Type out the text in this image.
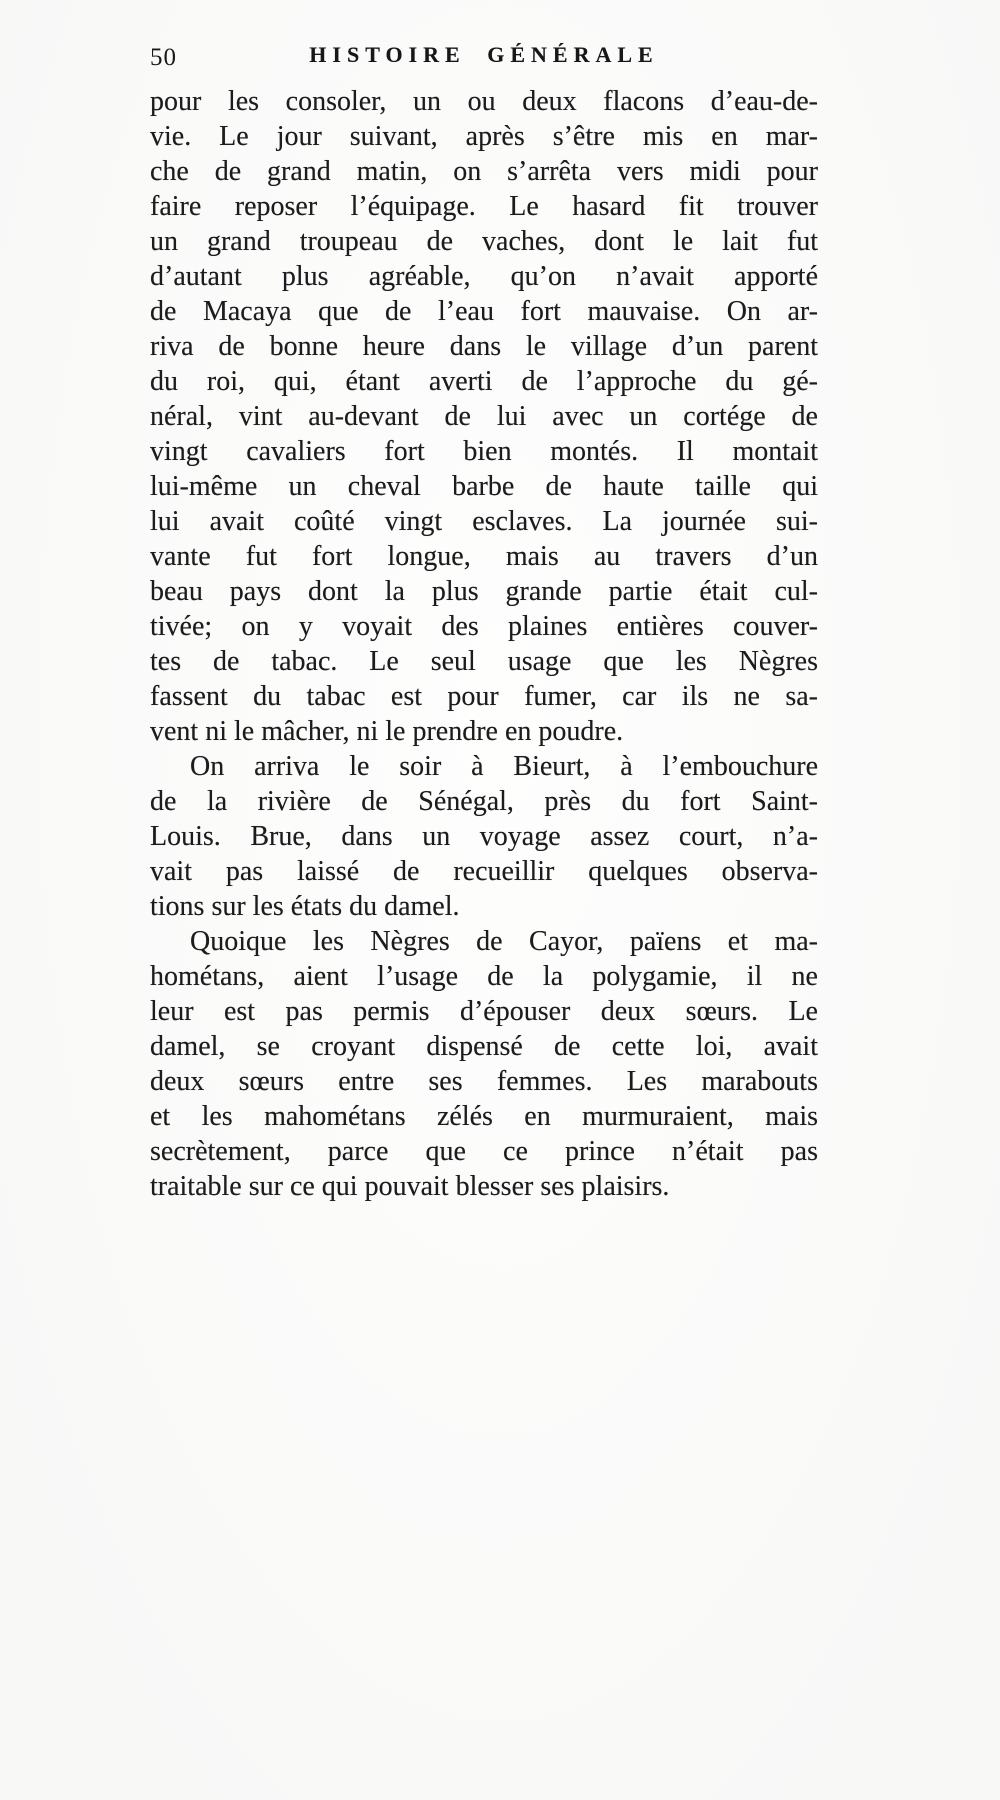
50	HISTOIRE GÉNÉRALE
pour les consoler, un ou deux flacons d’eau-de-
vie. Le jour suivant, après s’être mis en mar-
che de grand matin, on s’arrêta vers midi pour
faire reposer l’équipage. Le hasard fit trouver
un grand troupeau de vaches, dont le lait fut
d’autant plus agréable, qu’on n’avait apporté
de Macaya que de l’eau fort mauvaise. On ar-
riva de bonne heure dans le village d’un parent
du roi, qui, étant averti de l’approche du gé-
néral, vint au-devant de lui avec un cortége de
vingt cavaliers fort bien montés. Il montait
lui-même un cheval barbe de haute taille qui
lui avait coûté vingt esclaves. La journée sui-
vante fut fort longue, mais au travers d’un
beau pays dont la plus grande partie était cul-
tivée; on y voyait des plaines entières couver-
tes de tabac. Le seul usage que les Nègres
fassent du tabac est pour fumer, car ils ne sa-
vent ni le mâcher, ni le prendre en poudre.
On arriva le soir à Bieurt, à l’embouchure
de la rivière de Sénégal, près du fort Saint-
Louis. Brue, dans un voyage assez court, n’a-
vait pas laissé de recueillir quelques observa-
tions sur les états du damel.
Quoique les Nègres de Cayor, païens et ma-
hométans, aient l’usage de la polygamie, il ne
leur est pas permis d’épouser deux sœurs. Le
damel, se croyant dispensé de cette loi, avait
deux sœurs entre ses femmes. Les marabouts
et les mahométans zélés en murmuraient, mais
secrètement, parce que ce prince n’était pas
traitable sur ce qui pouvait blesser ses plaisirs.
